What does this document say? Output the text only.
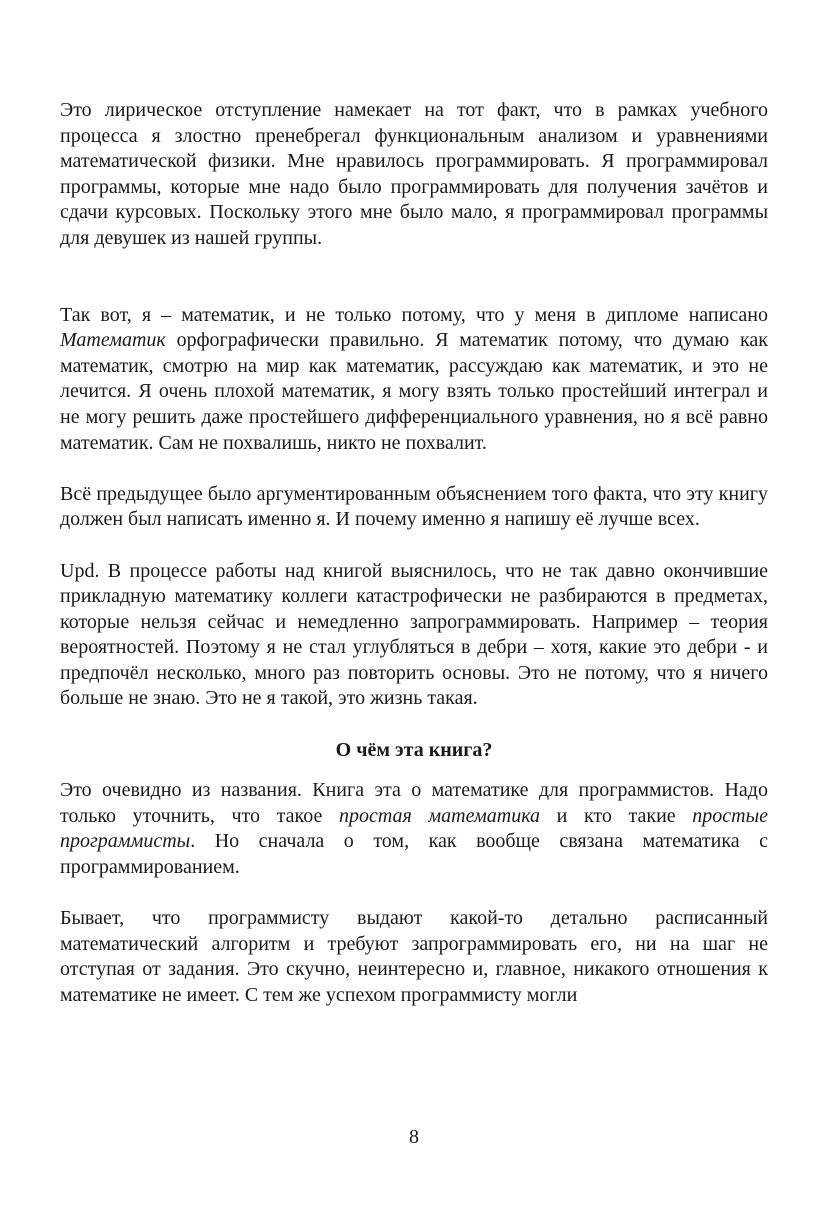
Это лирическое отступление намекает на тот факт, что в рамках учебного процесса я злостно пренебрегал функциональным анализом и уравнениями математической физики. Мне нравилось программировать. Я программировал программы, которые мне надо было программировать для получения зачётов и сдачи курсовых. Поскольку этого мне было мало, я программировал программы для девушек из нашей группы.

Так вот, я – математик, и не только потому, что у меня в дипломе написано Математик орфографически правильно. Я математик потому, что думаю как математик, смотрю на мир как математик, рассуждаю как математик, и это не лечится. Я очень плохой математик, я могу взять только простейший интеграл и не могу решить даже простейшего дифференциального уравнения, но я всё равно математик. Сам не похвалишь, никто не похвалит.

Всё предыдущее было аргументированным объяснением того факта, что эту книгу должен был написать именно я. И почему именно я напишу её лучше всех.

Upd. В процессе работы над книгой выяснилось, что не так давно окончившие прикладную математику коллеги катастрофически не разбираются в предметах, которые нельзя сейчас и немедленно запрограммировать. Например – теория вероятностей. Поэтому я не стал углубляться в дебри – хотя, какие это дебри - и предпочёл несколько, много раз повторить основы. Это не потому, что я ничего больше не знаю. Это не я такой, это жизнь такая.

О чём эта книга?

Это очевидно из названия. Книга эта о математике для программистов. Надо только уточнить, что такое простая математика и кто такие простые программисты. Но сначала о том, как вообще связана математика с программированием.

Бывает, что программисту выдают какой-то детально расписанный математический алгоритм и требуют запрограммировать его, ни на шаг не отступая от задания. Это скучно, неинтересно и, главное, никакого отношения к математике не имеет. С тем же успехом программисту могли

8
